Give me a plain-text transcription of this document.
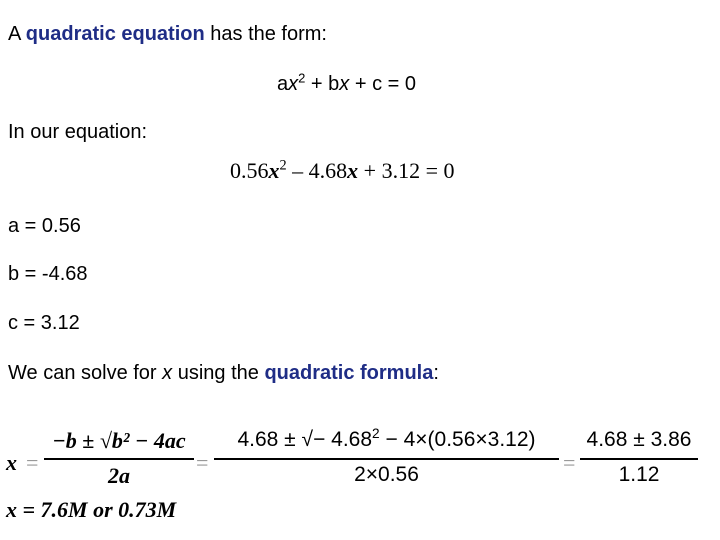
A quadratic equation has the form:
$ax^2$ + bx + c = 0
In our equation:
$0.56x^2 - 4.68x + 3.12 = 0$
a = 0.56
b = -4.68
c = 3.12
We can solve for x using the quadratic formula:
x =
−b ± √b² − 4ac
2a
=
4.68 ± √− $4.68^2 - 4\times(0.56\times 3.12)$
2×0.56	=
4.68 ± 3.86
1.12
x = 7.6M or 0.73M
